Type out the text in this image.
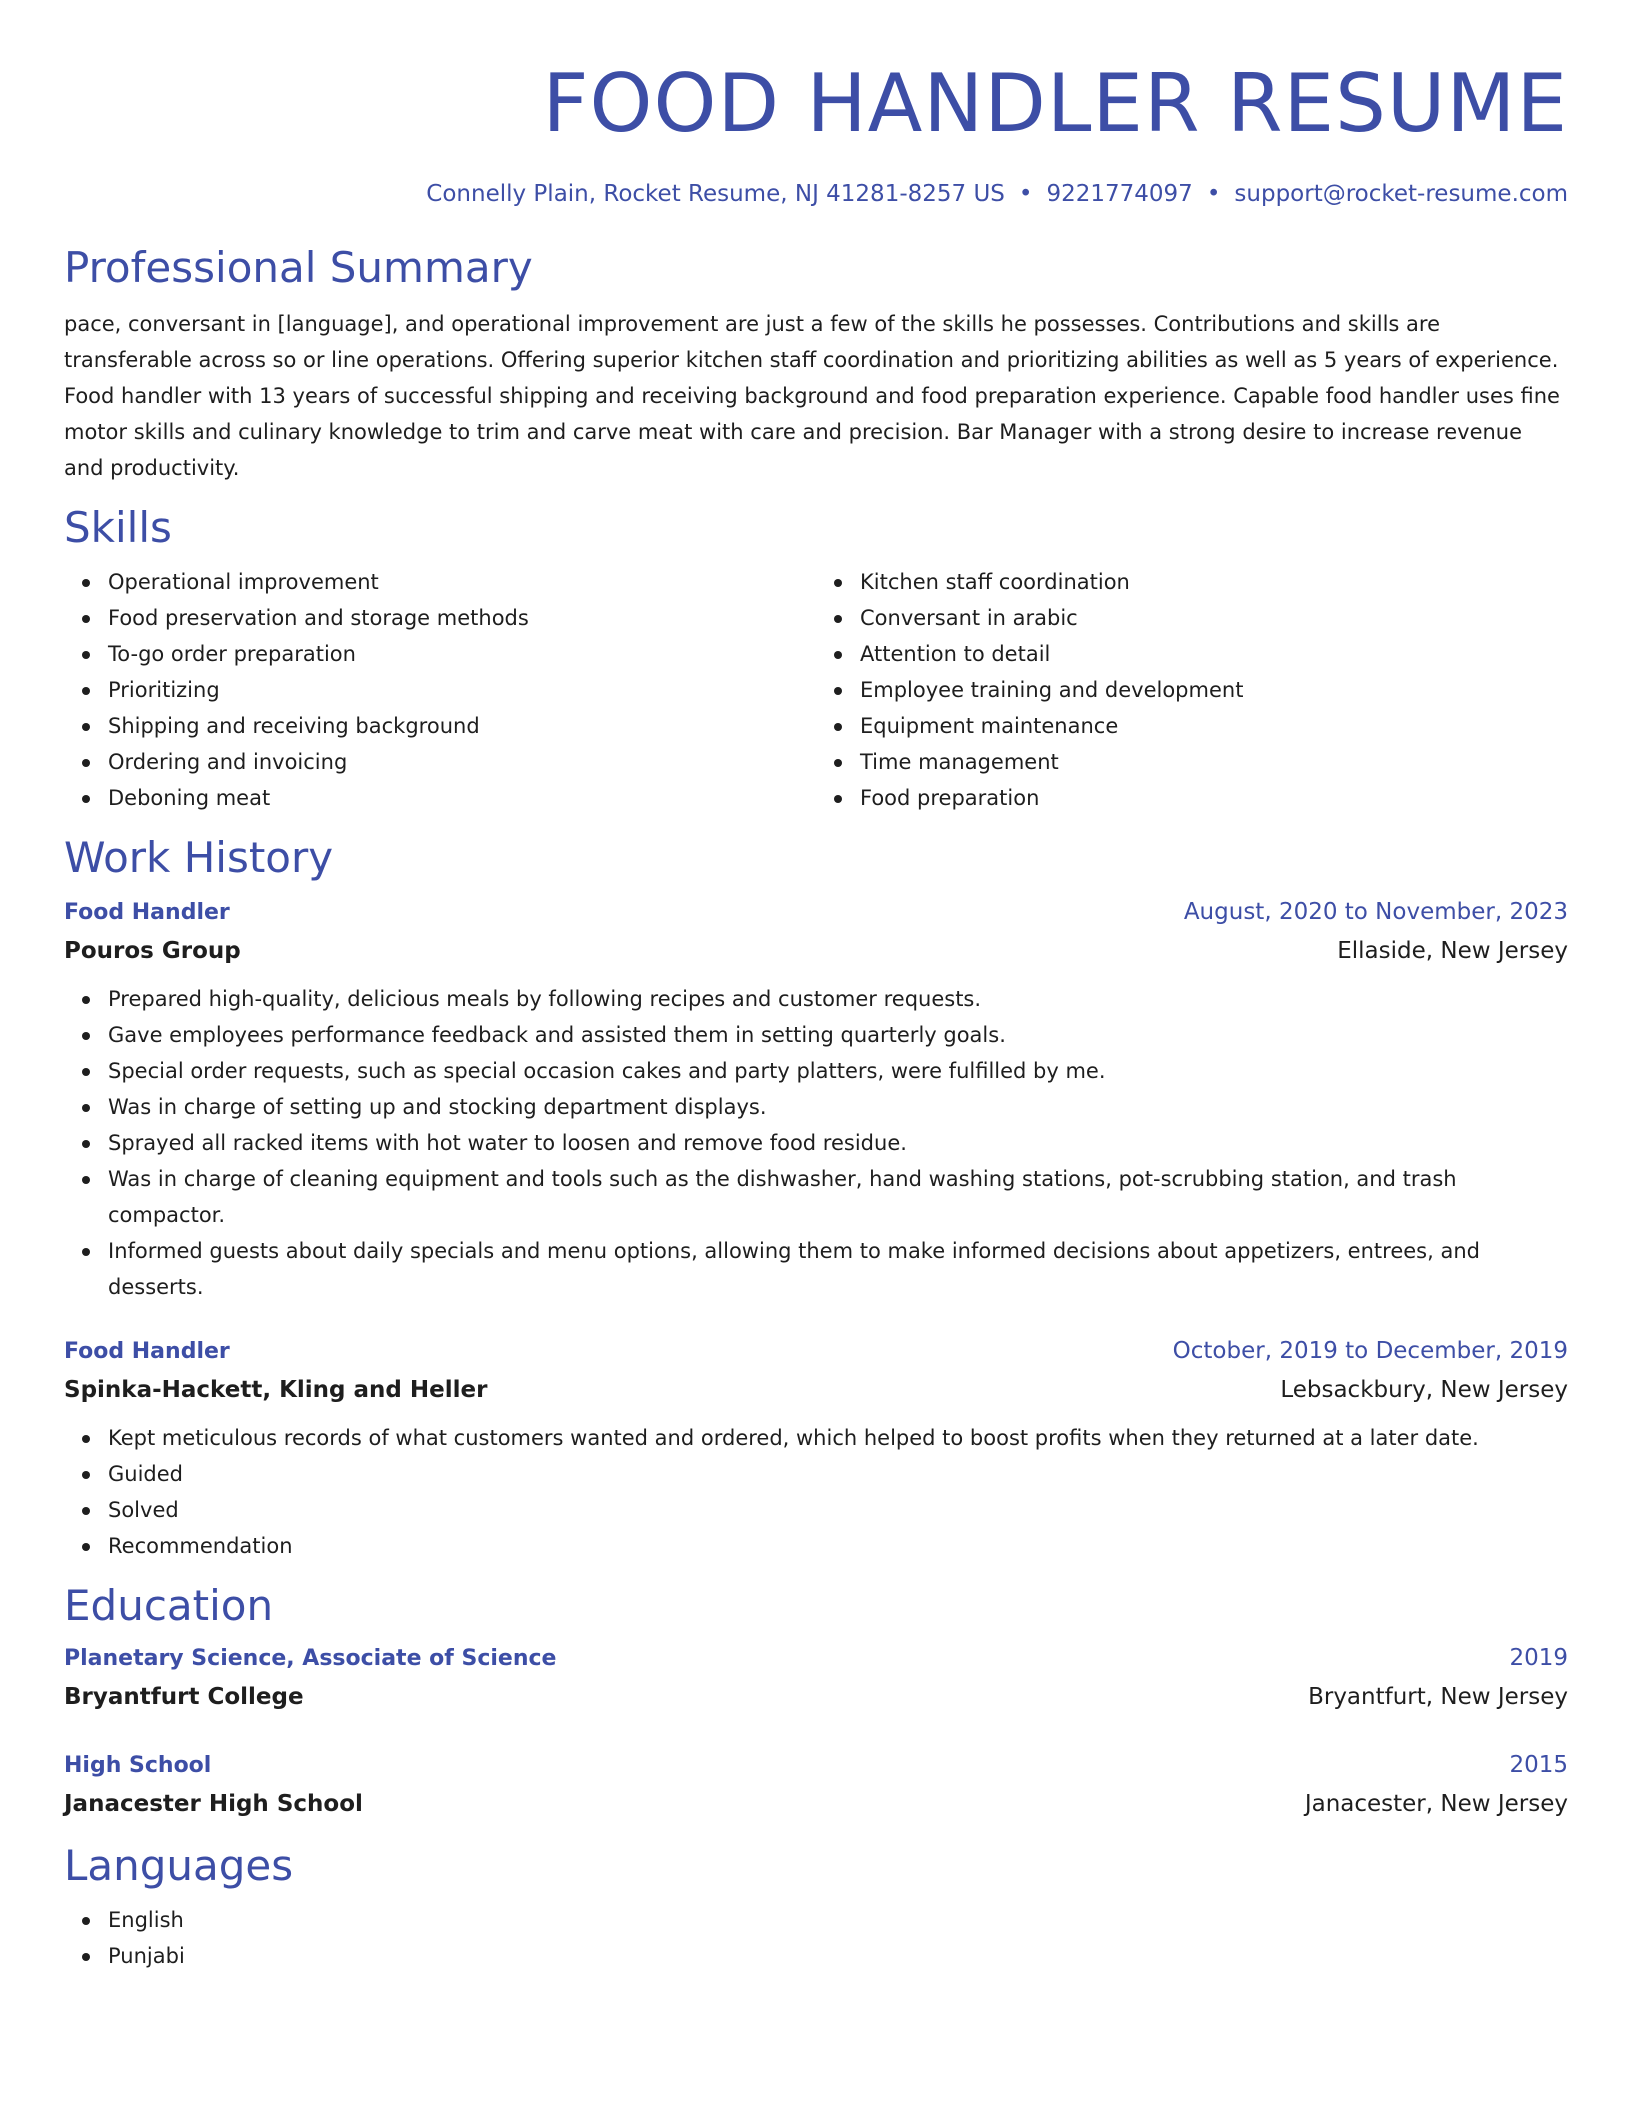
FOOD HANDLER RESUME
Connelly Plain, Rocket Resume, NJ 41281-8257 US • 9221774097 • support@rocket-resume.com
Professional Summary

pace, conversant in [language], and operational improvement are just a few of the skills he possesses. Contributions and skills are transferable across so or line operations. Offering superior kitchen staff coordination and prioritizing abilities as well as 5 years of experience. Food handler with 13 years of successful shipping and receiving background and food preparation experience. Capable food handler uses fine motor skills and culinary knowledge to trim and carve meat with care and precision. Bar Manager with a strong desire to increase revenue and productivity.

Skills
Operational improvement
Food preservation and storage methods
To-go order preparation
Prioritizing
Shipping and receiving background
Ordering and invoicing
Deboning meat
Kitchen staff coordination
Conversant in arabic
Attention to detail
Employee training and development
Equipment maintenance
Time management
Food preparation
Work History
Food Handler	August, 2020 to November, 2023
Pouros Group	Ellaside, New Jersey
Prepared high-quality, delicious meals by following recipes and customer requests.
Gave employees performance feedback and assisted them in setting quarterly goals.
Special order requests, such as special occasion cakes and party platters, were fulfilled by me.
Was in charge of setting up and stocking department displays.
Sprayed all racked items with hot water to loosen and remove food residue.
Was in charge of cleaning equipment and tools such as the dishwasher, hand washing stations, pot-scrubbing station, and trash compactor.
Informed guests about daily specials and menu options, allowing them to make informed decisions about appetizers, entrees, and desserts.
Food Handler	October, 2019 to December, 2019
Spinka-Hackett, Kling and Heller	Lebsackbury, New Jersey
Kept meticulous records of what customers wanted and ordered, which helped to boost profits when they returned at a later date.
Guided
Solved
Recommendation
Education
Planetary Science, Associate of Science	2019
Bryantfurt College	Bryantfurt, New Jersey
High School	2015
Janacester High School	Janacester, New Jersey
Languages
English
Punjabi
